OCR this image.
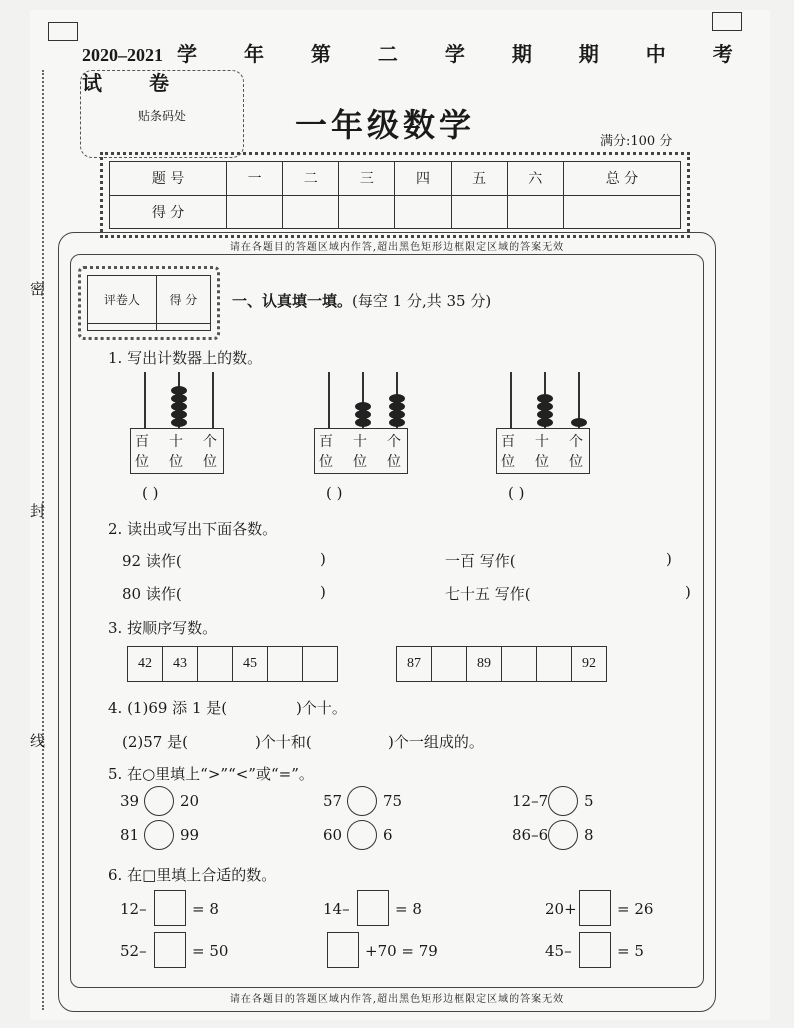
密
封
线
2020–2021 学 年 第 二 学 期 期 中 考 试 卷
贴条码处	一年级数学	满分:100 分
题 号	一	二	三	四	五	六	总 分
得 分							
请在各题目的答题区域内作答,超出黑色矩形边框限定区域的答案无效
评卷人	得 分
	一、认真填一填。(每空 1 分,共 35 分)
1. 写出计数器上的数。
百
位
十
位
个
位
( )
百
位
十
位
个
位
( )
百
位
十
位
个
位
( )
2. 读出或写出下面各数。
92 读作(	)	一百 写作(	)
80 读作(	)	七十五 写作(	)
3. 按顺序写数。
42	43		45			87		89			92
4. (1)69 添 1 是(	)个十。
(2)57 是(	)个十和(	)个一组成的。
5. 在○里填上“>”“<”或“=”。
39	20	57	75	12–7 5
81	99	60	6	86–6 8
6. 在□里填上合适的数。
12–	= 8	14–	= 8	20+	= 26
52–	= 50	+70 = 79	45–	= 5
请在各题目的答题区域内作答,超出黑色矩形边框限定区域的答案无效
